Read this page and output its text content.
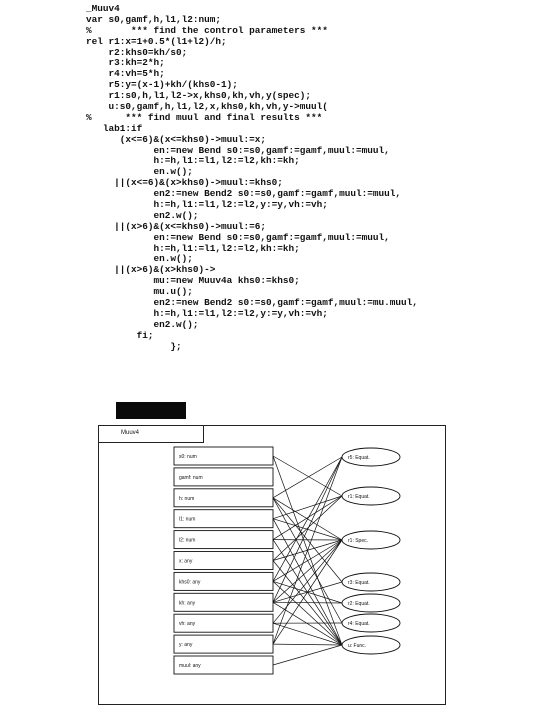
_Muuv4
var s0,gamf,h,l1,l2:num;
%       *** find the control parameters ***
rel r1:x=1+0.5*(l1+l2)/h;
r2:khs0=kh/s0;
r3:kh=2*h;
r4:vh=5*h;
r5:y=(x-1)+kh/(khs0-1);
r1:s0,h,l1,l2->x,khs0,kh,vh,y(spec);
u:s0,gamf,h,l1,l2,x,khs0,kh,vh,y->muul(
%      *** find muul and final results ***
lab1:if
(x<=6)&(x<=khs0)->muul:=x;
en:=new Bend s0:=s0,gamf:=gamf,muul:=muul,
h:=h,l1:=l1,l2:=l2,kh:=kh;
en.w();
||(x<=6)&(x>khs0)->muul:=khs0;
en2:=new Bend2 s0:=s0,gamf:=gamf,muul:=muul,
h:=h,l1:=l1,l2:=l2,y:=y,vh:=vh;
en2.w();
||(x>6)&(x<=khs0)->muul:=6;
en:=new Bend s0:=s0,gamf:=gamf,muul:=muul,
h:=h,l1:=l1,l2:=l2,kh:=kh;
en.w();
||(x>6)&(x>khs0)->
mu:=new Muuv4a khs0:=khs0;
mu.u();
en2:=new Bend2 s0:=s0,gamf:=gamf,muul:=mu.muul,
h:=h,l1:=l1,l2:=l2,y:=y,vh:=vh;
en2.w();
fi;
};
Muuv4
s0: num
gamf: num
h: num
l1: num
l2: num
x: any
khs0: any
kh: any
vh: any
y: any
muul: any
r5: Equat.
r1: Equat.
r1: Spec.
r3: Equat.
r2: Equat.
r4: Equat.
u: Func.
